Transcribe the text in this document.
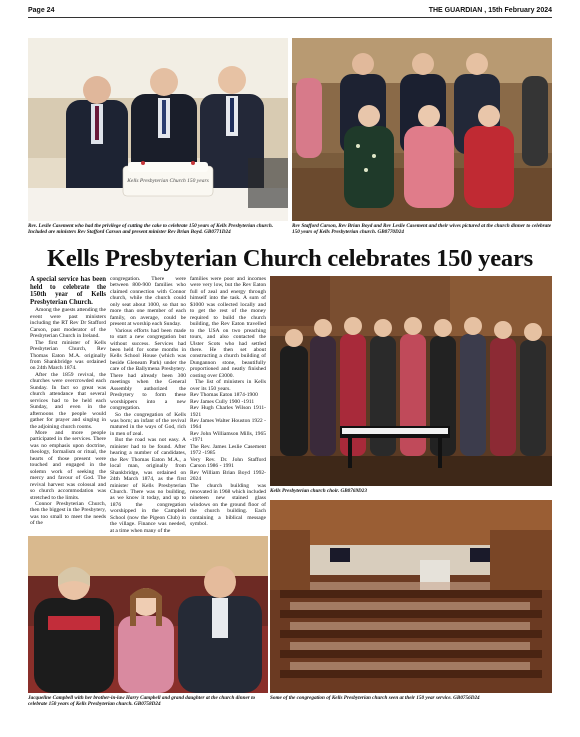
Page 24	THE GUARDIAN , 15th February 2024
Kells Presbyterian Church 150 years
Rev. Leslie Casement who had the privilege of cutting the cake to celebrate 150 years of Kells Presbyterian church. Included are ministers Rev Stafford Carson and present minister Rev Brian Boyd. GB0771D24
Rev Stafford Carson, Rev Brian Boyd and Rev Leslie Casement and their wives pictured at the church dinner to celebrate 150 years of Kells Presbyterian church. GB0770D24
Kells Presbyterian Church celebrates 150 years

A special service has been held to celebrate the 150th year of Kells Presbyterian Church.

Among the guests attending the event were past ministers including the RT Rev Dr Stafford Carson, past moderator of the Presbyterian Church in Ireland.

The first minister of Kells Presbyterian Church, Rev Thomas Eaton M.A. originally from Shankbridge was ordained on 24th March 1874.

After the 1859 revival, the churches were overcrowded each Sunday. In fact so great was church attendance that several services had to be held each Sunday, and even in the afternoons the people would gather for prayer and singing in the adjoining church rooms.

More and more people participated in the services. There was no emphasis upon doctrine, theology, formalism or ritual, the hearts of those present were touched and engaged in the solemn work of seeking the mercy and favour of God. The revival harvest was colossal and so church accommodation was stretched to the limits.

Connor Presbyterian Church, then the biggest in the Presbytery, was too small to meet the needs of the

congregation. There were between 800-900 families who claimed connection with Connor church, while the church could only seat about 1000, so that no more than one member of each family, on average, could be present at worship each Sunday.

Various efforts had been made to start a new congregation but without success. Services had been held for some months in Kells School House (which was beside Gleneam Park) under the care of the Ballymena Presbytery. There had already been 300 meetings when the General Assembly authorized the Presbytery to form these worshippers into a new congregation.

So the congregation of Kells was born; an infant of the revival matured in the ways of God, rich in men of zeal.

But the road was not easy. A minister had to be found. After hearing a number of candidates, the Rev Thomas Eaton M.A., a local man, originally from Shankbridge, was ordained on 24th March 1874, as the first minister of Kells Presbyterian Church. There was no building, as we know it today, and up to 1876 the congregation worshipped in the Campbell School (now the Pigeon Club) in the village. Finance was needed, at a time when many of the

families were poor and incomes were very low, but the Rev Eaton full of zeal and energy through himself into the task. A sum of $1000 was collected locally and to get the rest of the money required to build the church building, the Rev Eaton travelled to the USA on two preaching tours, and also contacted the Ulster Scots who had settled there. He then set about constructing a church building of Dungannon stone, beautifully proportioned and neatly finished costing over £3000.

The list of ministers in Kells over its 150 years.

Rev Thomas Eaton 1874-1900
Rev James Cully 1900 -1911
Rev Hugh Charles Wilson 1911-1921
Rev James Walter Houston 1922 - 1964
Rev John Williamson Mills, 1965 -1971
The Rev. James Leslie Casement 1972 -1985
Very Rev. Dr. John Stafford Carson 1986 - 1991
Rev William Brian Boyd 1992-2024

The church building was renovated in 1968 which included nineteen new stained glass windows on the ground floor of the church building. Each containing a biblical message symbol.

Jacqueline Campbell with her brother-in-law Harry Campbell and grand daughter at the church dinner to celebrate 150 years of Kells Presbyterian church. GB0758D24
Kells Presbyterian church choir. GB0769D23
Some of the congregation of Kells Presbyterian church seen at their 150 year service. GB0756D24
